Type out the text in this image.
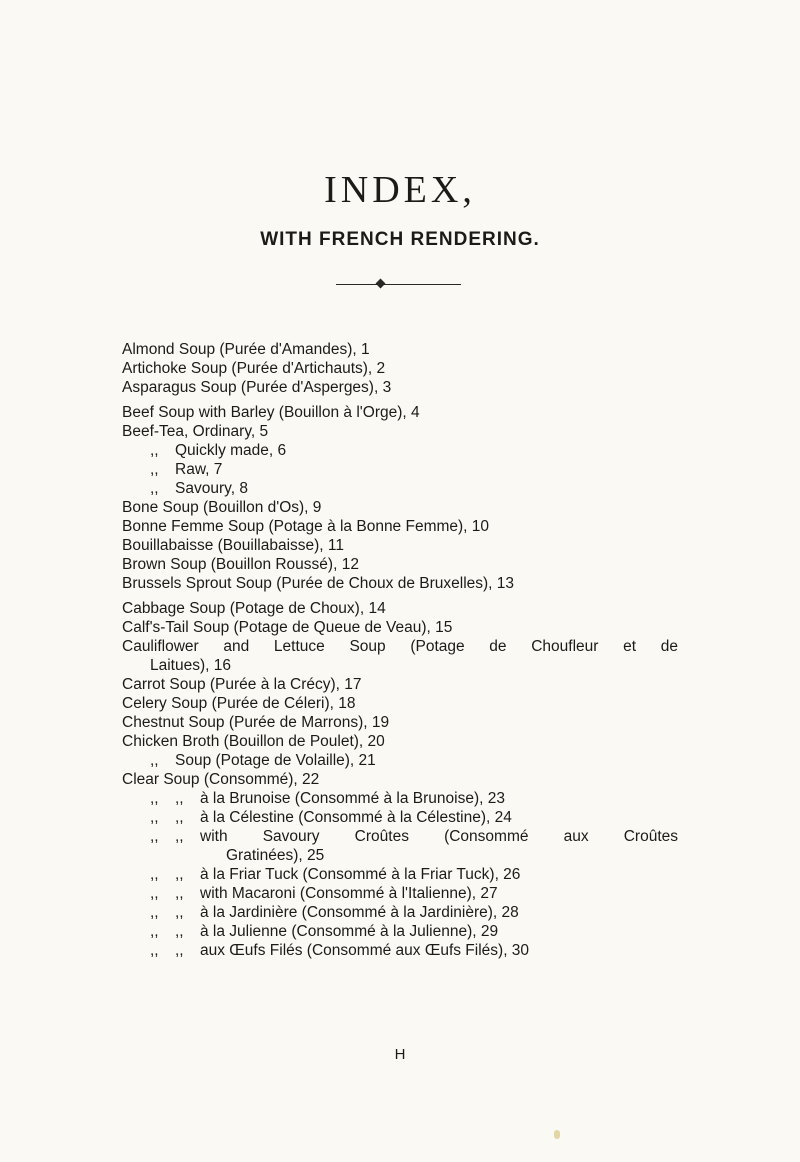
INDEX,
WITH FRENCH RENDERING.
Almond Soup (Purée d'Amandes), 1
Artichoke Soup (Purée d'Artichauts), 2
Asparagus Soup (Purée d'Asperges), 3
Beef Soup with Barley (Bouillon à l'Orge), 4
Beef-Tea, Ordinary, 5
,, Quickly made, 6
,, Raw, 7
,, Savoury, 8
Bone Soup (Bouillon d'Os), 9
Bonne Femme Soup (Potage à la Bonne Femme), 10
Bouillabaisse (Bouillabaisse), 11
Brown Soup (Bouillon Roussé), 12
Brussels Sprout Soup (Purée de Choux de Bruxelles), 13
Cabbage Soup (Potage de Choux), 14
Calf's-Tail Soup (Potage de Queue de Veau), 15
Cauliflower and Lettuce Soup (Potage de Choufleur et de
Laitues), 16
Carrot Soup (Purée à la Crécy), 17
Celery Soup (Purée de Céleri), 18
Chestnut Soup (Purée de Marrons), 19
Chicken Broth (Bouillon de Poulet), 20
,, Soup (Potage de Volaille), 21
Clear Soup (Consommé), 22
,, ,, à la Brunoise (Consommé à la Brunoise), 23
,, ,, à la Célestine (Consommé à la Célestine), 24
,,	,,	with Savoury Croûtes (Consommé aux Croûtes
Gratinées), 25
,, ,, à la Friar Tuck (Consommé à la Friar Tuck), 26
,, ,, with Macaroni (Consommé à l'Italienne), 27
,, ,, à la Jardinière (Consommé à la Jardinière), 28
,, ,, à la Julienne (Consommé à la Julienne), 29
,, ,, aux Œufs Filés (Consommé aux Œufs Filés), 30
H
